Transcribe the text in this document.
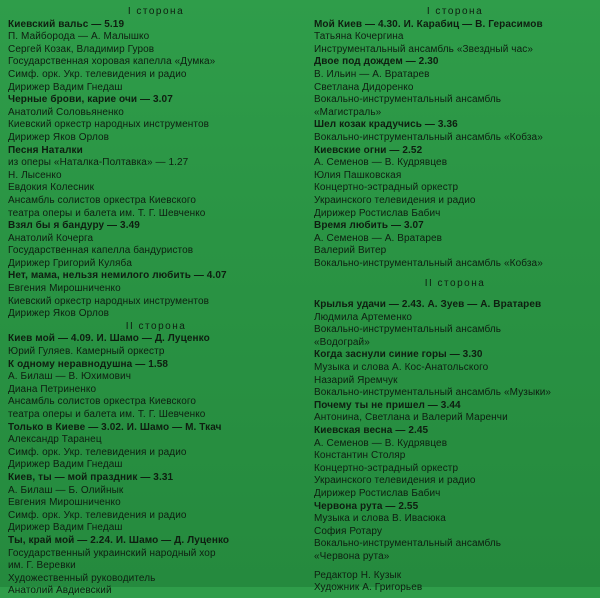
I сторона
Киевский вальс — 5.19
П. Майборода — А. Малышко
Сергей Козак, Владимир Гуров
Государственная хоровая капелла «Думка»
Симф. орк. Укр. телевидения и радио
Дирижер Вадим Гнедаш
Черные брови, карие очи — 3.07
Анатолий Соловьяненко
Киевский оркестр народных инструментов
Дирижер Яков Орлов
Песня Наталки
из оперы «Наталка-Полтавка» — 1.27
Н. Лысенко
Евдокия Колесник
Ансамбль солистов оркестра Киевского
театра оперы и балета им. Т. Г. Шевченко
Взял бы я бандуру — 3.49
Анатолий Кочерга
Государственная капелла бандуристов
Дирижер Григорий Кулябa
Нет, мама, нельзя немилого любить — 4.07
Евгения Мирошниченко
Киевский оркестр народных инструментов
Дирижер Яков Орлов
II сторона
Киев мой — 4.09. И. Шамо — Д. Луценко
Юрий Гуляев. Камерный оркестр
К одному неравнодушна — 1.58
А. Билаш — В. Юхимович
Диана Петриненко
Ансамбль солистов оркестра Киевского
театра оперы и балета им. Т. Г. Шевченко
Только в Киеве — 3.02. И. Шамо — М. Ткач
Александр Таранец
Симф. орк. Укр. телевидения и радио
Дирижер Вадим Гнедаш
Киев, ты — мой праздник — 3.31
А. Билаш — Б. Олийнык
Евгения Мирошниченко
Симф. орк. Укр. телевидения и радио
Дирижер Вадим Гнедаш
Ты, край мой — 2.24. И. Шамо — Д. Луценко
Государственный украинский народный хор
им. Г. Веревки
Художественный руководитель
Анатолий Авдиевский
I сторона
Мой Киев — 4.30. И. Карабиц — В. Герасимов
Татьяна Кочергина
Инструментальный ансамбль «Звездный час»
Двое под дождем — 2.30
В. Ильин — А. Вратарев
Светлана Дидоренко
Вокально-инструментальный ансамбль
«Магистраль»
Шел козак крадучись — 3.36
Вокально-инструментальный ансамбль «Кобза»
Киевские огни — 2.52
А. Семенов — В. Кудрявцев
Юлия Пашковская
Концертно-эстрадный оркестр
Украинского телевидения и радио
Дирижер Ростислав Бабич
Время любить — 3.07
А. Семенов — А. Вратарев
Валерий Витер
Вокально-инструментальный ансамбль «Кобза»
II сторона
Крылья удачи — 2.43. А. Зуев — А. Вратарев
Людмила Артеменко
Вокально-инструментальный ансамбль
«Водограй»
Когда заснули синие горы — 3.30
Музыка и слова А. Кос-Анатольского
Назарий Яремчук
Вокально-инструментальный ансамбль «Музыки»
Почему ты не пришел — 3.44
Антонина, Светлана и Валерий Маренчи
Киевская весна — 2.45
А. Семенов — В. Кудрявцев
Константин Столяр
Концертно-эстрадный оркестр
Украинского телевидения и радио
Дирижер Ростислав Бабич
Червона рута — 2.55
Музыка и слова В. Ивасюка
София Ротару
Вокально-инструментальный ансамбль
«Червона рута»
Редактор Н. Кузык
Художник А. Григорьев
